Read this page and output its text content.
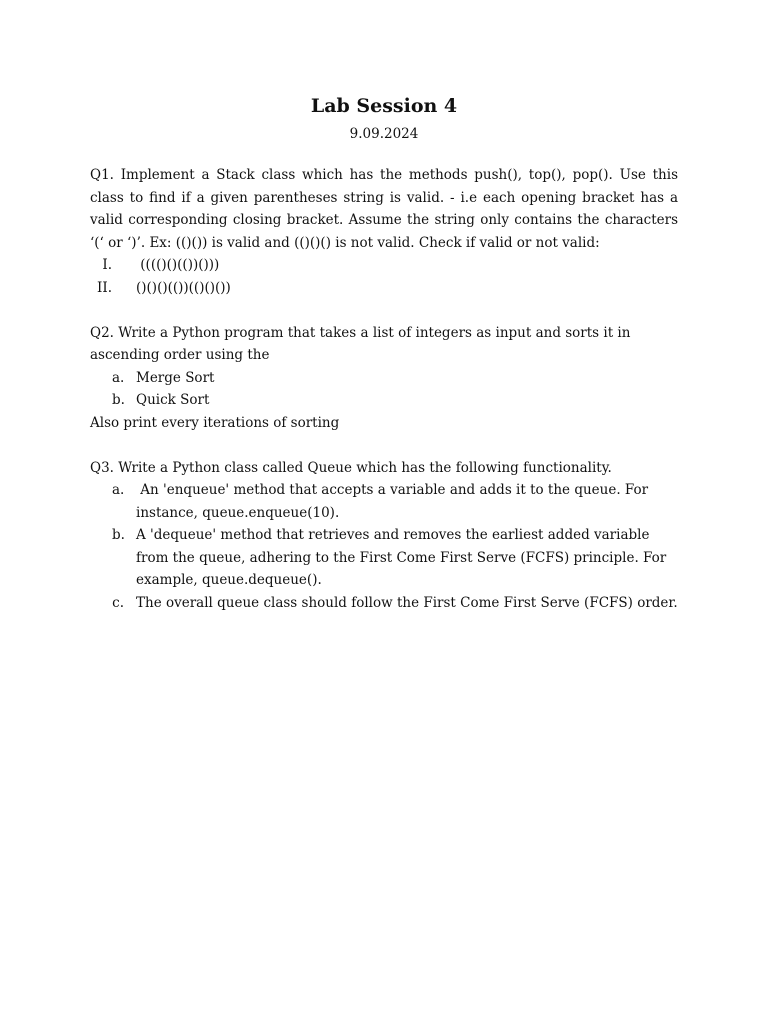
Lab Session 4
9.09.2024
Q1. Implement a Stack class which has the methods push(), top(), pop(). Use this class to find if a given parentheses string is valid. - i.e each opening bracket has a valid corresponding closing bracket. Assume the string only contains the characters ‘(‘ or ‘)’. Ex: (()()) is valid and (()()() is not valid. Check if valid or not valid:
I.	(((()()(())()))
II.	()()()(())(()()())
Q2. Write a Python program that takes a list of integers as input and sorts it in ascending order using the
a. Merge Sort
b. Quick Sort
Also print every iterations of sorting
Q3. Write a Python class called Queue which has the following functionality.
a. An 'enqueue' method that accepts a variable and adds it to the queue. For instance, queue.enqueue(10).
b. A 'dequeue' method that retrieves and removes the earliest added variable from the queue, adhering to the First Come First Serve (FCFS) principle. For example, queue.dequeue().
c. The overall queue class should follow the First Come First Serve (FCFS) order.
